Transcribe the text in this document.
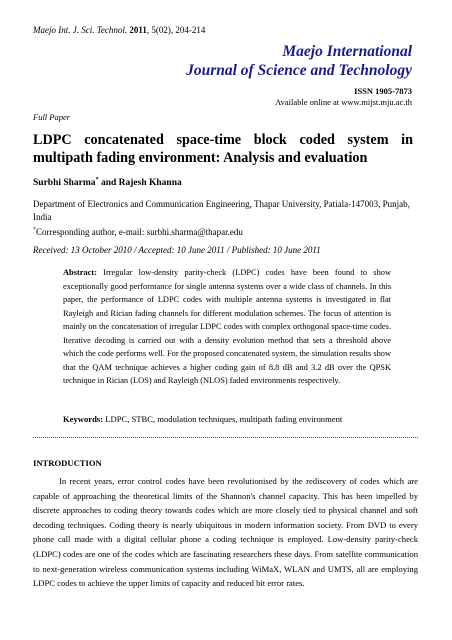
Maejo Int. J. Sci. Technol. 2011, 5(02), 204-214
Maejo International
Journal of Science and Technology
ISSN 1905-7873
Available online at www.mijst.mju.ac.th
Full Paper
LDPC concatenated space-time block coded system in multipath fading environment: Analysis and evaluation
Surbhi Sharma* and Rajesh Khanna
Department of Electronics and Communication Engineering, Thapar University, Patiala-147003, Punjab, India
*Corresponding author, e-mail: surbhi.sharma@thapar.edu
Received: 13 October 2010 / Accepted: 10 June 2011 / Published: 10 June 2011
Abstract: Irregular low-density parity-check (LDPC) codes have been found to show exceptionally good performance for single antenna systems over a wide class of channels. In this paper, the performance of LDPC codes with multiple antenna systems is investigated in flat Rayleigh and Rician fading channels for different modulation schemes. The focus of attention is mainly on the concatenation of irregular LDPC codes with complex orthogonal space-time codes. Iterative decoding is carried out with a density evolution method that sets a threshold above which the code performs well. For the proposed concatenated system, the simulation results show that the QAM technique achieves a higher coding gain of 8.8 dB and 3.2 dB over the QPSK technique in Rician (LOS) and Rayleigh (NLOS) faded environments respectively.
Keywords: LDPC, STBC, modulation techniques, multipath fading environment
INTRODUCTION
In recent years, error control codes have been revolutionised by the rediscovery of codes which are capable of approaching the theoretical limits of the Shannon's channel capacity. This has been impelled by discrete approaches to coding theory towards codes which are more closely tied to physical channel and soft decoding techniques. Coding theory is nearly ubiquitous in modern information society. From DVD to every phone call made with a digital cellular phone a coding technique is employed. Low-density parity-check (LDPC) codes are one of the codes which are fascinating researchers these days. From satellite communication to next-generation wireless communication systems including WiMaX, WLAN and UMTS, all are employing LDPC codes to achieve the upper limits of capacity and reduced bit error rates.
